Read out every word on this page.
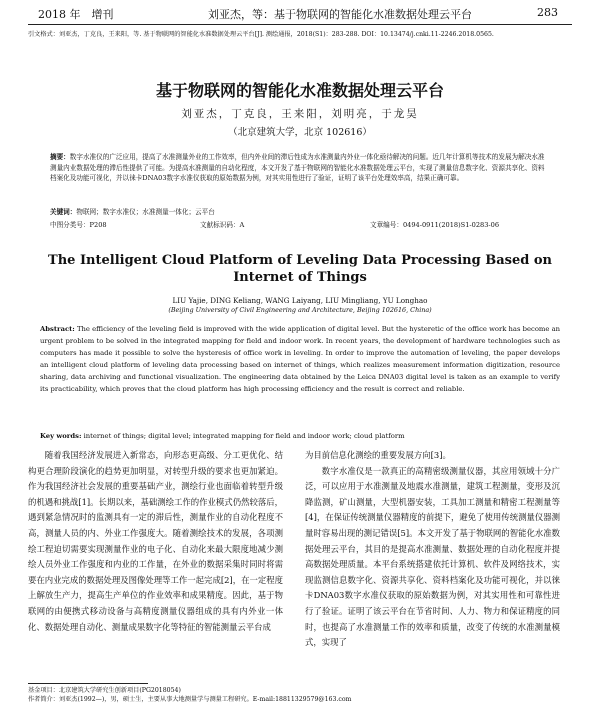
2018 年　增刊	刘亚杰，等：基于物联网的智能化水准数据处理云平台	283
引文格式：刘亚杰，丁克良，王来阳，等. 基于物联网的智能化水准数据处理云平台[J]. 测绘通报，2018(S1)：283-288. DOI：10.13474/j.cnki.11-2246.2018.0565.
基于物联网的智能化水准数据处理云平台
刘亚杰，丁克良，王来阳，刘明亮，于龙昊
（北京建筑大学，北京 102616）
摘要：数字水准仪的广泛应用，提高了水准测量外业的工作效率，但内外业间的滞后性成为水准测量内外业一体化亟待解决的问题。近几年计算机等技术的发展为解决水准测量内业数据处理的滞后性提供了可能。为提高水准测量的自动化程度，本文开发了基于物联网的智能化水准数据处理云平台，实现了测量信息数字化、资源共享化、资料档案化及功能可视化，并以徕卡DNA03数字水准仪获取的原始数据为例，对其实用性进行了验证，证明了该平台处理效率高，结果正确可靠。
关键词：物联网；数字水准仪；水准测量一体化；云平台
中图分类号：P208	文献标识码：A	文章编号：0494-0911(2018)S1-0283-06
The Intelligent Cloud Platform of Leveling Data Processing Based on Internet of Things
LIU Yajie, DING Keliang, WANG Laiyang, LIU Mingliang, YU Longhao
(Beijing University of Civil Engineering and Architecture, Beijing 102616, China)
Abstract: The efficiency of the leveling field is improved with the wide application of digital level. But the hysteretic of the office work has become an urgent problem to be solved in the integrated mapping for field and indoor work. In recent years, the development of hardware technologies such as computers has made it possible to solve the hysteresis of office work in leveling. In order to improve the automation of leveling, the paper develops an intelligent cloud platform of leveling data processing based on internet of things, which realizes measurement information digitization, resource sharing, data archiving and functional visualization. The engineering data obtained by the Leica DNA03 digital level is taken as an example to verify its practicability, which proves that the cloud platform has high processing efficiency and the result is correct and reliable.
Key words: internet of things; digital level; integrated mapping for field and indoor work; cloud platform

随着我国经济发展进入新常态，向形态更高级、分工更优化、结构更合理阶段演化的趋势更加明显，对转型升级的要求也更加紧迫。作为我国经济社会发展的重要基础产业，测绘行业也面临着转型升级的机遇和挑战[1]。长期以来，基础测绘工作的作业模式仍然较落后，遇到紧急情况时的监测具有一定的滞后性，测量作业的自动化程度不高，测量人员的内、外业工作强度大。随着测绘技术的发展，各项测绘工程迫切需要实现测量作业的电子化、自动化来最大限度地减少测绘人员外业工作强度和内业的工作量，在外业的数据采集时同时将需要在内业完成的数据处理及图像处理等工作一起完成[2]，在一定程度上解放生产力，提高生产单位的作业效率和成果精度。因此，基于物联网的由便携式移动设备与高精度测量仪器组成的具有内外业一体化、数据处理自动化、测量成果数字化等特征的智能测量云平台成

为目前信息化测绘的重要发展方向[3]。

数字水准仪是一款真正的高精密级测量仪器，其应用领域十分广泛，可以应用于水准测量及地震水准测量，建筑工程测量，变形及沉降监测，矿山测量，大型机器安装，工具加工测量和精密工程测量等[4]，在保证传统测量仪器精度的前提下，避免了使用传统测量仪器测量时容易出现的测记错误[5]。本文开发了基于物联网的智能化水准数据处理云平台，其目的是提高水准测量、数据处理的自动化程度并提高数据处理质量。本平台系统搭建依托计算机、软件及网络技术，实现监测信息数字化、资源共享化、资料档案化及功能可视化，并以徕卡DNA03数字水准仪获取的原始数据为例，对其实用性和可靠性进行了验证。证明了该云平台在节省时间、人力、物力和保证精度的同时，也提高了水准测量工作的效率和质量，改变了传统的水准测量模式，实现了

基金项目：北京建筑大学研究生创新项目(PG2018054)
作者简介：刘亚杰(1992—)，男，硕士生，主要从事大地测量学与测量工程研究。E-mail:18811329579@163.com
